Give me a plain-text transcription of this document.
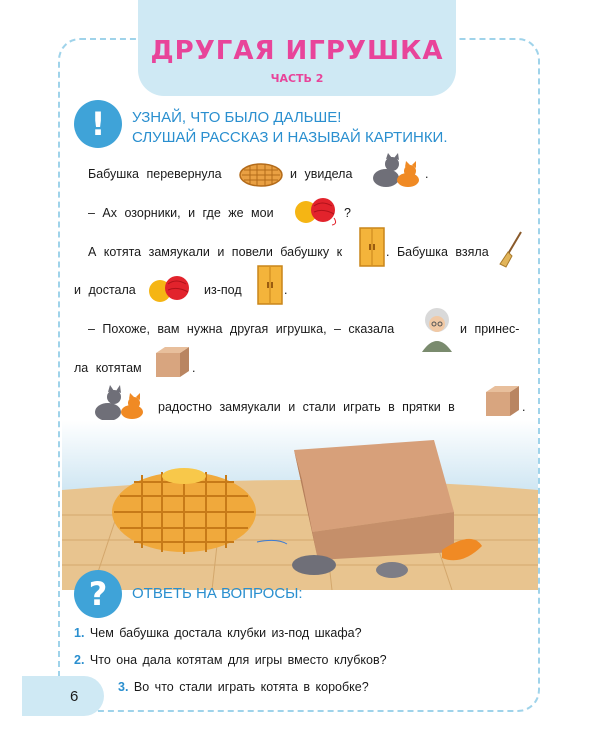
ДРУГАЯ ИГРУШКА
ЧАСТЬ 2
!	УЗНАЙ, ЧТО БЫЛО ДАЛЬШЕ!
СЛУШАЙ РАССКАЗ И НАЗЫВАЙ КАРТИНКИ.
Бабушка перевернула	и увидела	.
– Ах озорники, и где же мои	?
А котята замяукали и повели бабушку к	. Бабушка взяла
и достала	из-под	.
– Похоже, вам нужна другая игрушка, – сказала	и принес-
ла котятам	.
радостно замяукали и стали играть в прятки в	.
?	ОТВЕТЬ НА ВОПРОСЫ:
1. Чем бабушка достала клубки из-под шкафа?
2. Что она дала котятам для игры вместо клубков?
3. Во что стали играть котята в коробке?
6
